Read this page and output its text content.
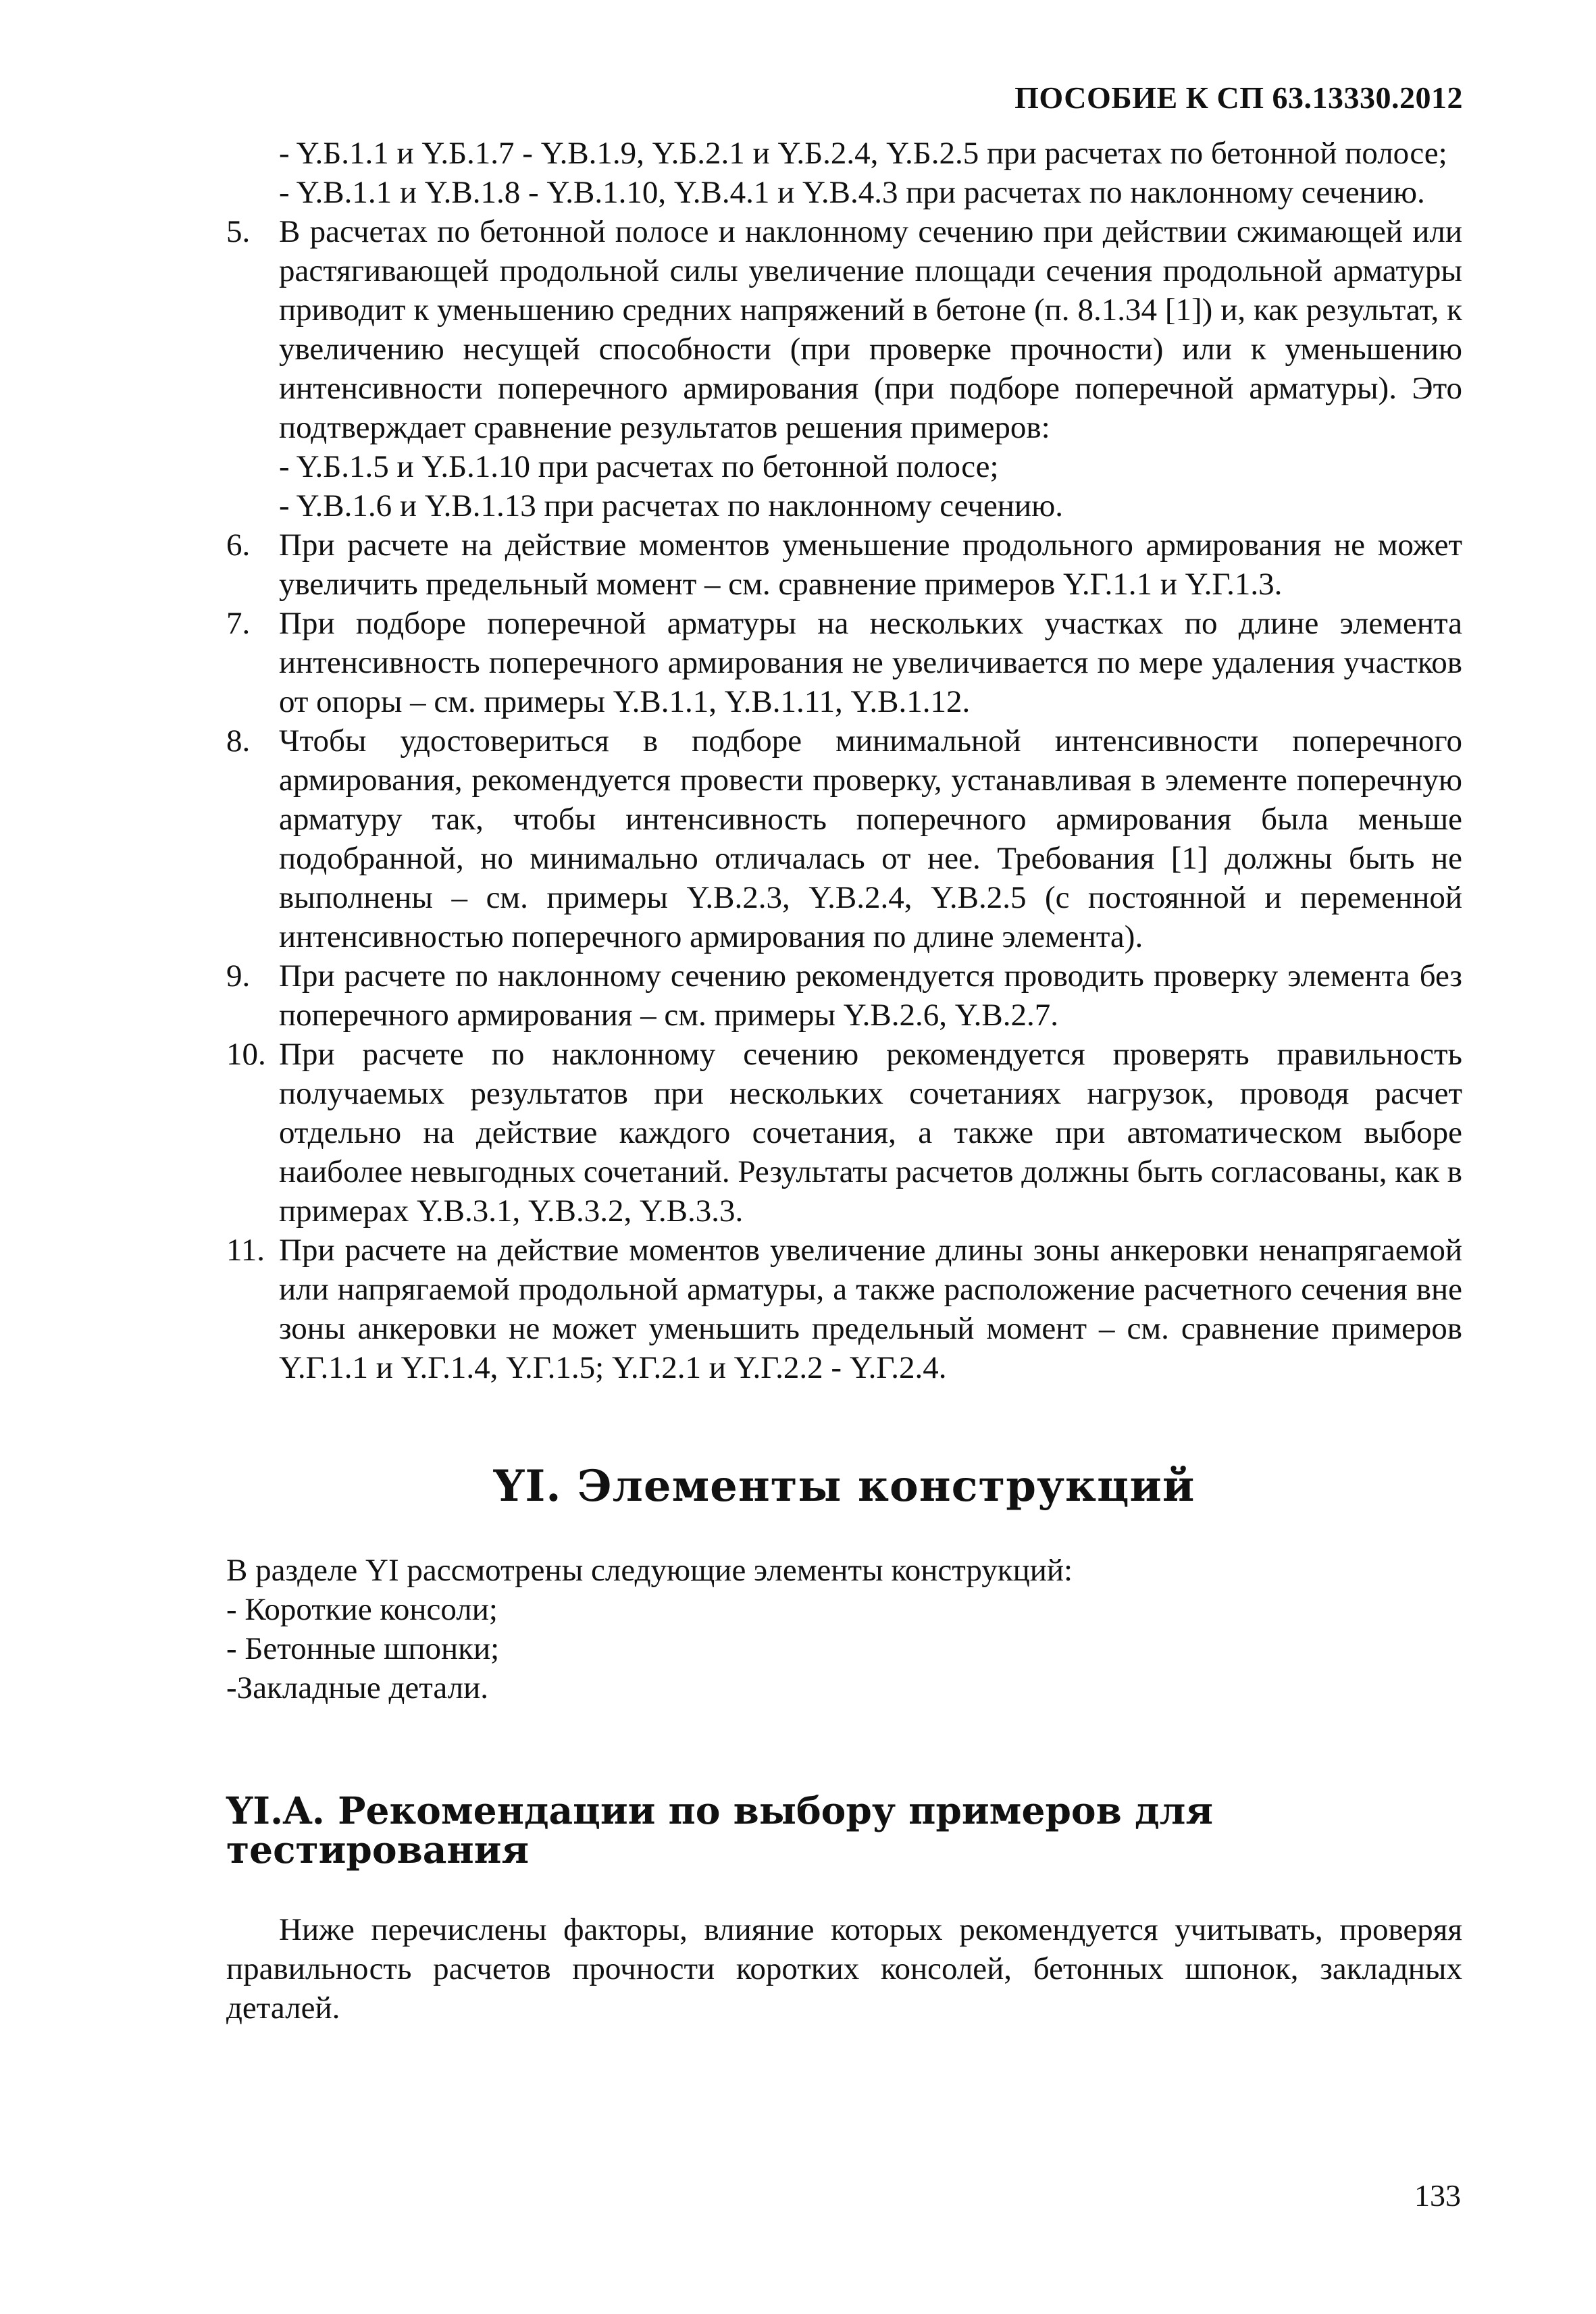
ПОСОБИЕ К СП 63.13330.2012

- Y.Б.1.1 и Y.Б.1.7 - Y.В.1.9, Y.Б.2.1 и Y.Б.2.4, Y.Б.2.5 при расчетах по бетонной полосе;

- Y.В.1.1 и Y.В.1.8 - Y.В.1.10, Y.В.4.1 и Y.В.4.3 при расчетах по наклонному сечению.

5. В расчетах по бетонной полосе и наклонному сечению при действии сжимающей или растягивающей продольной силы увеличение площади сечения продольной арматуры приводит к уменьшению средних напряжений в бетоне (п. 8.1.34 [1]) и, как результат, к увеличению несущей способности (при проверке прочности) или к уменьшению интенсивности поперечного армирования (при подборе поперечной арматуры). Это подтверждает сравнение результатов решения примеров:

- Y.Б.1.5 и Y.Б.1.10 при расчетах по бетонной полосе;

- Y.В.1.6 и Y.В.1.13 при расчетах по наклонному сечению.

6. При расчете на действие моментов уменьшение продольного армирования не может увеличить предельный момент – см. сравнение примеров Y.Г.1.1 и Y.Г.1.3.

7. При подборе поперечной арматуры на нескольких участках по длине элемента интенсивность поперечного армирования не увеличивается по мере удаления участков от опоры – см. примеры Y.В.1.1, Y.В.1.11, Y.В.1.12.

8. Чтобы удостовериться в подборе минимальной интенсивности поперечного армирования, рекомендуется провести проверку, устанавливая в элементе поперечную арматуру так, чтобы интенсивность поперечного армирования была меньше подобранной, но минимально отличалась от нее. Требования [1] должны быть не выполнены – см. примеры Y.В.2.3, Y.В.2.4, Y.В.2.5 (с постоянной и переменной интенсивностью поперечного армирования по длине элемента).

9. При расчете по наклонному сечению рекомендуется проводить проверку элемента без поперечного армирования – см. примеры Y.В.2.6, Y.В.2.7.

10. При расчете по наклонному сечению рекомендуется проверять правильность получаемых результатов при нескольких сочетаниях нагрузок, проводя расчет отдельно на действие каждого сочетания, а также при автоматическом выборе наиболее невыгодных сочетаний. Результаты расчетов должны быть согласованы, как в примерах Y.В.3.1, Y.В.3.2, Y.В.3.3.

11. При расчете на действие моментов увеличение длины зоны анкеровки ненапрягаемой или напрягаемой продольной арматуры, а также расположение расчетного сечения вне зоны анкеровки не может уменьшить предельный момент – см. сравнение примеров Y.Г.1.1 и Y.Г.1.4, Y.Г.1.5; Y.Г.2.1 и Y.Г.2.2 - Y.Г.2.4.

YI. Элементы конструкций

В разделе YI рассмотрены следующие элементы конструкций:

- Короткие консоли;

- Бетонные шпонки;

-Закладные детали.

YI.A. Рекомендации по выбору примеров для тестирования

Ниже перечислены факторы, влияние которых рекомендуется учитывать, проверяя правильность расчетов прочности коротких консолей, бетонных шпонок, закладных деталей.

133
